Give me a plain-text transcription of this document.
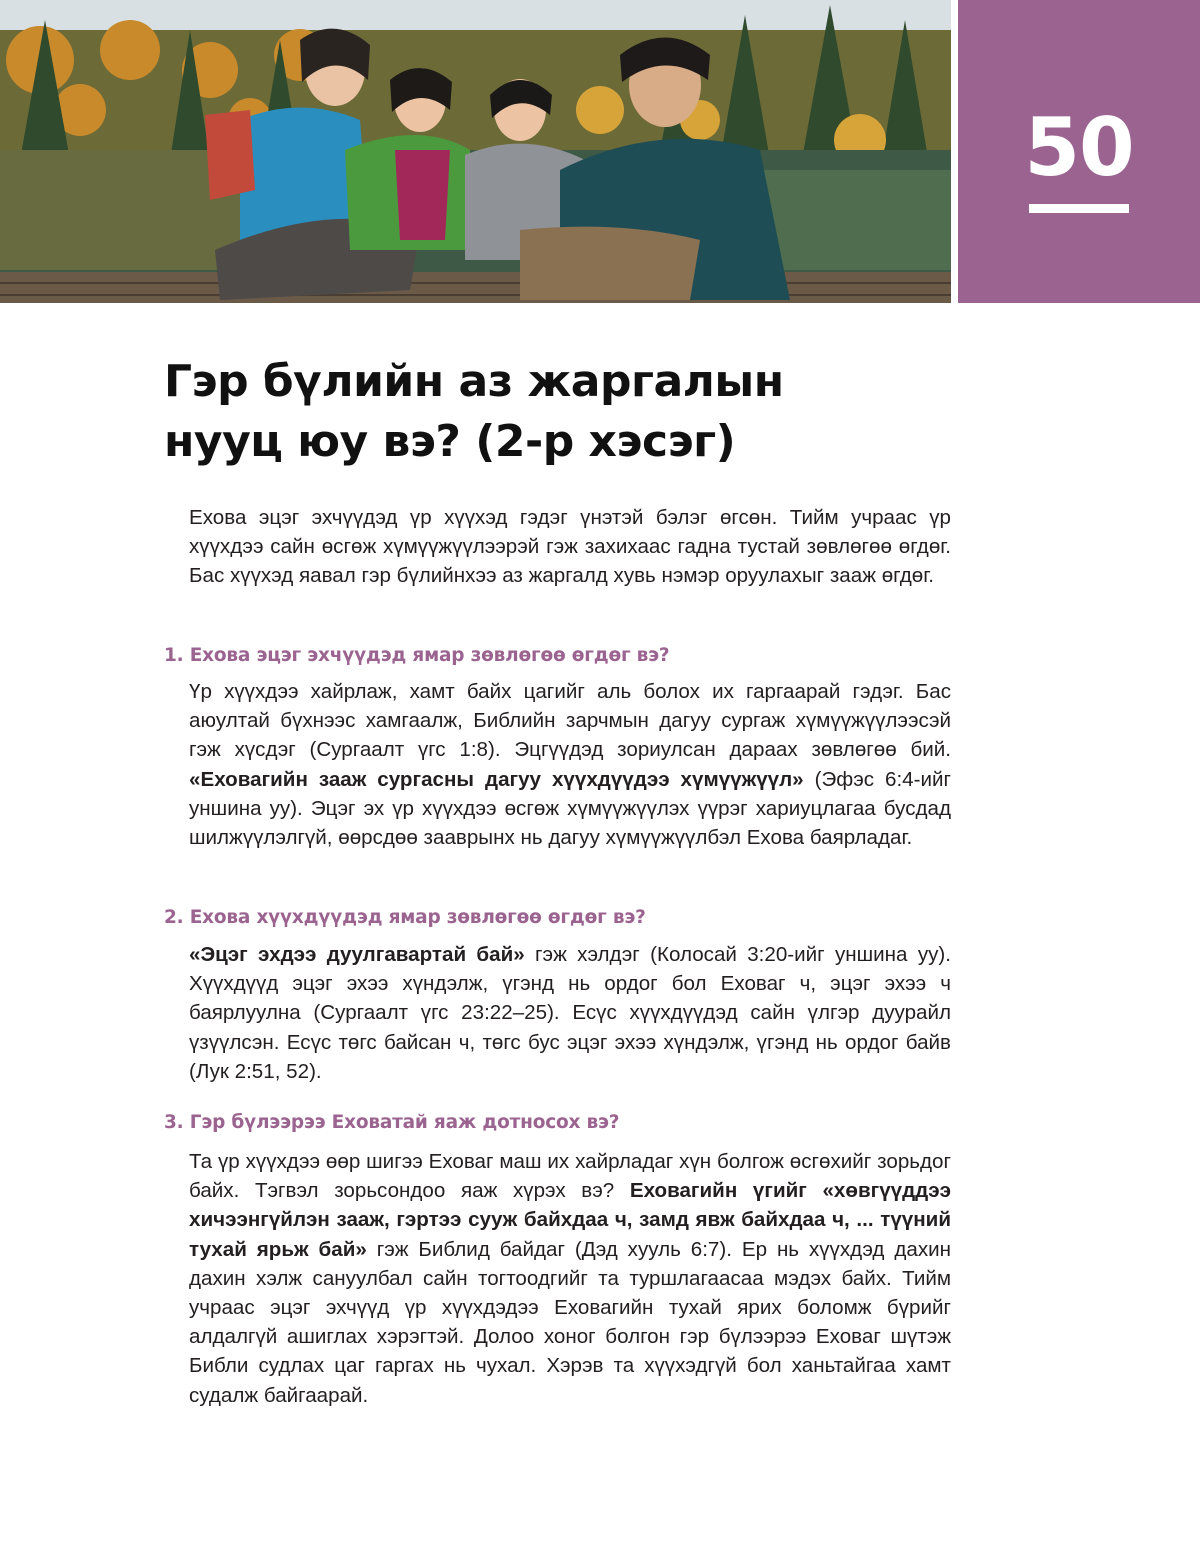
50
Гэр бүлийн аз жаргалын
нууц юу вэ? (2-р хэсэг)

Ехова эцэг эхчүүдэд үр хүүхэд гэдэг үнэтэй бэлэг өгсөн. Тийм учраас үр хүүхдээ сайн өсгөж хүмүүжүүлээрэй гэж захихаас гадна тустай зөвлөгөө өгдөг. Бас хүүхэд яавал гэр бүлийнхээ аз жаргалд хувь нэмэр оруулахыг зааж өгдөг.

1. Ехова эцэг эхчүүдэд ямар зөвлөгөө өгдөг вэ?

Үр хүүхдээ хайрлаж, хамт байх цагийг аль болох их гаргаарай гэдэг. Бас аюултай бүхнээс хамгаалж, Библийн зарчмын дагуу сургаж хүмүүжүүлээсэй гэж хүсдэг (Сургаалт үгс 1:8). Эцгүүдэд зориулсан дараах зөвлөгөө бий. «Еховагийн зааж сургасны дагуу хүүхдүүдээ хүмүүжүүл» (Эфэс 6:4-ийг уншина уу). Эцэг эх үр хүүхдээ өсгөж хүмүүжүүлэх үүрэг хариуцлагаа бусдад шилжүүлэлгүй, өөрсдөө зааврынх нь дагуу хүмүүжүүлбэл Ехова баярладаг.

2. Ехова хүүхдүүдэд ямар зөвлөгөө өгдөг вэ?

«Эцэг эхдээ дуулгавартай бай» гэж хэлдэг (Колосай 3:20-ийг уншина уу). Хүүхдүүд эцэг эхээ хүндэлж, үгэнд нь ордог бол Еховаг ч, эцэг эхээ ч баярлуулна (Сургаалт үгс 23:22–25). Есүс хүүхдүүдэд сайн үлгэр дуурайл үзүүлсэн. Есүс төгс байсан ч, төгс бус эцэг эхээ хүндэлж, үгэнд нь ордог байв (Лук 2:51, 52).

3. Гэр бүлээрээ Еховатай яаж дотносох вэ?

Та үр хүүхдээ өөр шигээ Еховаг маш их хайрладаг хүн болгож өсгөхийг зорьдог байх. Тэгвэл зорьсондоо яаж хүрэх вэ? Еховагийн үгийг «хөвгүүддээ хичээнгүйлэн зааж, гэртээ сууж байхдаа ч, замд явж байхдаа ч, ... түүний тухай ярьж бай» гэж Библид байдаг (Дэд хууль 6:7). Ер нь хүүхдэд дахин дахин хэлж сануулбал сайн тогтоодгийг та туршлагаасаа мэдэх байх. Тийм учраас эцэг эхчүүд үр хүүхдэдээ Еховагийн тухай ярих боломж бүрийг алдалгүй ашиглах хэрэгтэй. Долоо хоног болгон гэр бүлээрээ Еховаг шүтэж Библи судлах цаг гаргах нь чухал. Хэрэв та хүүхэдгүй бол ханьтайгаа хамт судалж байгаарай.
